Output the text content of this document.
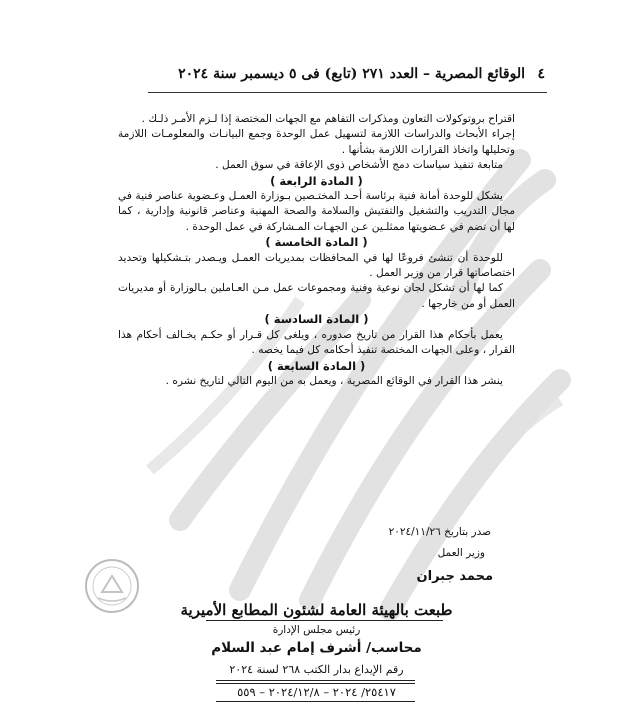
الوقائع المصرية – العدد ٢٧١ (تابع) فى ٥ ديسمبر سنة ٢٠٢٤ ٤

اقتراح بروتوكولات التعاون ومذكرات التفاهم مع الجهات المختصة إذا لـزم الأمـر ذلـك .

إجراء الأبحاث والدراسات اللازمة لتسهيل عمل الوحدة وجمع البيانـات والمعلومـات اللازمة وتحليلها واتخاذ القرارات اللازمة بشأنها .

متابعة تنفيذ سياسات دمج الأشخاص ذوى الإعاقة في سوق العمل .

( المادة الرابعة )

يشكل للوحدة أمانة فنية برئاسة أحـد المختـصين بـوزارة العمـل وعـضوية عناصر فنية في مجال التدريب والتشغيل والتفتيش والسلامة والصحة المهنية وعناصر قانونية وإدارية ، كما لها أن تضم في عـضويتها ممثلـين عـن الجهـات المـشاركة في عمل الوحدة .

( المادة الخامسة )

للوحدة أن تنشئ فروعًا لها في المحافظات بمديريات العمـل ويـصدر بتـشكيلها وتحديد اختصاصاتها قرار من وزير العمل .

كما لها أن تشكل لجان نوعية وفنية ومجموعات عمل مـن العـاملين بـالوزارة أو مديريات العمل أو من خارجها .

( المادة السادسة )

يعمل بأحكام هذا القرار من تاريخ صدوره ، ويلغى كل قـرار أو حكـم يخـالف أحكام هذا القرار ، وعلى الجهات المختصة تنفيذ أحكامه كل فيما يخصه .

( المادة السابعة )

ينشر هذا القرار في الوقائع المصرية ، ويعمل به من اليوم التالي لتاريخ نشره .

صدر بتاريخ ٢٠٢٤/١١/٢٦
وزير العمل
محمد جبران
طبعت بالهيئة العامة لشئون المطابع الأميرية
رئيس مجلس الإدارة
محاسب/ أشرف إمام عبد السلام
رقم الإيداع بدار الكتب ٢٦٨ لسنة ٢٠٢٤
٢٥٤١٧/ ٢٠٢٤ – ٢٠٢٤/١٢/٨ – ٥٥٩
